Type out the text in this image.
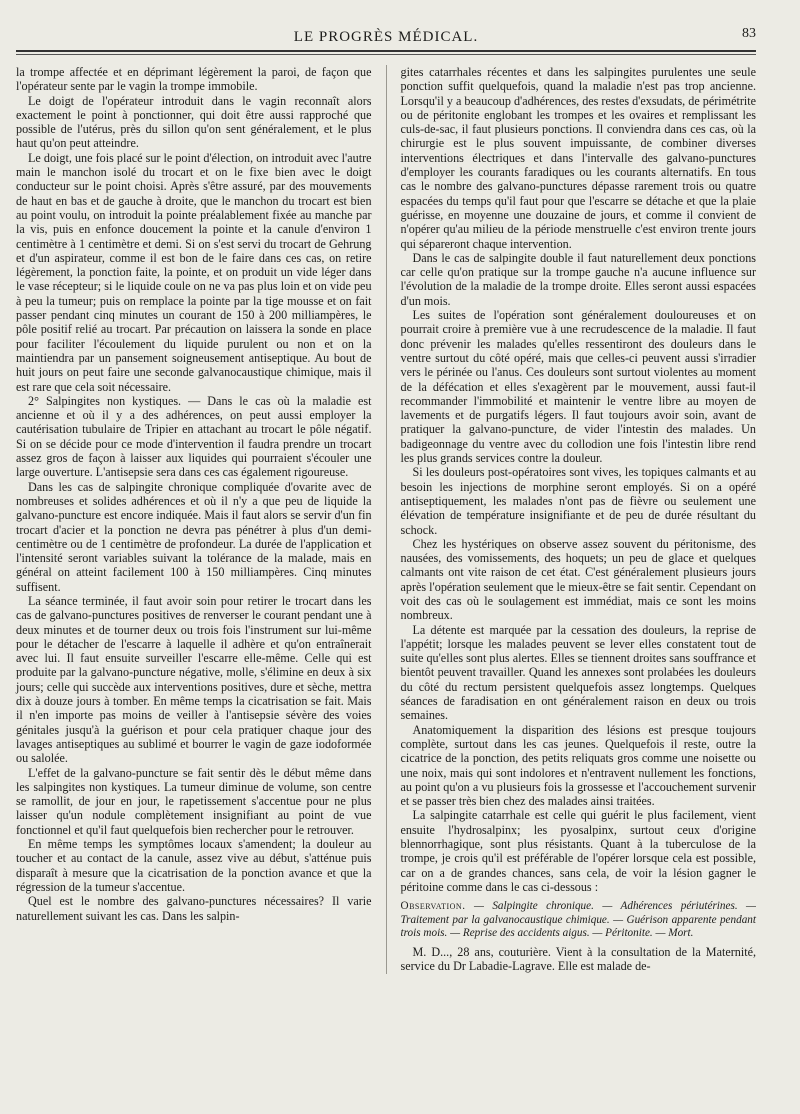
LE PROGRÈS MÉDICAL.	83

la trompe affectée et en déprimant légèrement la paroi, de façon que l'opérateur sente par le vagin la trompe immobile.

Le doigt de l'opérateur introduit dans le vagin reconnaît alors exactement le point à ponctionner, qui doit être aussi rapproché que possible de l'utérus, près du sillon qu'on sent généralement, et le plus haut qu'on peut atteindre.

Le doigt, une fois placé sur le point d'élection, on introduit avec l'autre main le manchon isolé du trocart et on le fixe bien avec le doigt conducteur sur le point choisi. Après s'être assuré, par des mouvements de haut en bas et de gauche à droite, que le manchon du trocart est bien au point voulu, on introduit la pointe préalablement fixée au manche par la vis, puis en enfonce doucement la pointe et la canule d'environ 1 centimètre à 1 centimètre et demi. Si on s'est servi du trocart de Gehrung et d'un aspirateur, comme il est bon de le faire dans ces cas, on retire légèrement, la ponction faite, la pointe, et on produit un vide léger dans le vase récepteur; si le liquide coule on ne va pas plus loin et on vide peu à peu la tumeur; puis on remplace la pointe par la tige mousse et on fait passer pendant cinq minutes un courant de 150 à 200 milliampères, le pôle positif relié au trocart. Par précaution on laissera la sonde en place pour faciliter l'écoulement du liquide purulent ou non et on la maintiendra par un pansement soigneusement antiseptique. Au bout de huit jours on peut faire une seconde galvanocaustique chimique, mais il est rare que cela soit nécessaire.

2° Salpingites non kystiques. — Dans le cas où la maladie est ancienne et où il y a des adhérences, on peut aussi employer la cautérisation tubulaire de Tripier en attachant au trocart le pôle négatif. Si on se décide pour ce mode d'intervention il faudra prendre un trocart assez gros de façon à laisser aux liquides qui pourraient s'écouler une large ouverture. L'antisepsie sera dans ces cas également rigoureuse.

Dans les cas de salpingite chronique compliquée d'ovarite avec de nombreuses et solides adhérences et où il n'y a que peu de liquide la galvano-puncture est encore indiquée. Mais il faut alors se servir d'un fin trocart d'acier et la ponction ne devra pas pénétrer à plus d'un demi-centimètre ou de 1 centimètre de profondeur. La durée de l'application et l'intensité seront variables suivant la tolérance de la malade, mais en général on atteint facilement 100 à 150 milliampères. Cinq minutes suffisent.

La séance terminée, il faut avoir soin pour retirer le trocart dans les cas de galvano-punctures positives de renverser le courant pendant une à deux minutes et de tourner deux ou trois fois l'instrument sur lui-même pour le détacher de l'escarre à laquelle il adhère et qu'on entraînerait avec lui. Il faut ensuite surveiller l'escarre elle-même. Celle qui est produite par la galvano-puncture négative, molle, s'élimine en deux à six jours; celle qui succède aux interventions positives, dure et sèche, mettra dix à douze jours à tomber. En même temps la cicatrisation se fait. Mais il n'en importe pas moins de veiller à l'antisepsie sévère des voies génitales jusqu'à la guérison et pour cela pratiquer chaque jour des lavages antiseptiques au sublimé et bourrer le vagin de gaze iodoformée ou salolée.

L'effet de la galvano-puncture se fait sentir dès le début même dans les salpingites non kystiques. La tumeur diminue de volume, son centre se ramollit, de jour en jour, le rapetissement s'accentue pour ne plus laisser qu'un nodule complètement insignifiant au point de vue fonctionnel et qu'il faut quelquefois bien rechercher pour le retrouver.

En même temps les symptômes locaux s'amendent; la douleur au toucher et au contact de la canule, assez vive au début, s'atténue puis disparaît à mesure que la cicatrisation de la ponction avance et que la régression de la tumeur s'accentue.

Quel est le nombre des galvano-punctures nécessaires? Il varie naturellement suivant les cas. Dans les salpin-

gites catarrhales récentes et dans les salpingites purulentes une seule ponction suffit quelquefois, quand la maladie n'est pas trop ancienne. Lorsqu'il y a beaucoup d'adhérences, des restes d'exsudats, de périmétrite ou de péritonite englobant les trompes et les ovaires et remplissant les culs-de-sac, il faut plusieurs ponctions. Il conviendra dans ces cas, où la chirurgie est le plus souvent impuissante, de combiner diverses interventions électriques et dans l'intervalle des galvano-punctures d'employer les courants faradiques ou les courants alternatifs. En tous cas le nombre des galvano-punctures dépasse rarement trois ou quatre espacées du temps qu'il faut pour que l'escarre se détache et que la plaie guérisse, en moyenne une douzaine de jours, et comme il convient de n'opérer qu'au milieu de la période menstruelle c'est environ trente jours qui sépareront chaque intervention.

Dans le cas de salpingite double il faut naturellement deux ponctions car celle qu'on pratique sur la trompe gauche n'a aucune influence sur l'évolution de la maladie de la trompe droite. Elles seront aussi espacées d'un mois.

Les suites de l'opération sont généralement douloureuses et on pourrait croire à première vue à une recrudescence de la maladie. Il faut donc prévenir les malades qu'elles ressentiront des douleurs dans le ventre surtout du côté opéré, mais que celles-ci peuvent aussi s'irradier vers le périnée ou l'anus. Ces douleurs sont surtout violentes au moment de la défécation et elles s'exagèrent par le mouvement, aussi faut-il recommander l'immobilité et maintenir le ventre libre au moyen de lavements et de purgatifs légers. Il faut toujours avoir soin, avant de pratiquer la galvano-puncture, de vider l'intestin des malades. Un badigeonnage du ventre avec du collodion une fois l'intestin libre rend les plus grands services contre la douleur.

Si les douleurs post-opératoires sont vives, les topiques calmants et au besoin les injections de morphine seront employés. Si on a opéré antiseptiquement, les malades n'ont pas de fièvre ou seulement une élévation de température insignifiante et de peu de durée résultant du schock.

Chez les hystériques on observe assez souvent du péritonisme, des nausées, des vomissements, des hoquets; un peu de glace et quelques calmants ont vite raison de cet état. C'est généralement plusieurs jours après l'opération seulement que le mieux-être se fait sentir. Cependant on voit des cas où le soulagement est immédiat, mais ce sont les moins nombreux.

La détente est marquée par la cessation des douleurs, la reprise de l'appétit; lorsque les malades peuvent se lever elles constatent tout de suite qu'elles sont plus alertes. Elles se tiennent droites sans souffrance et bientôt peuvent travailler. Quand les annexes sont prolabées les douleurs du côté du rectum persistent quelquefois assez longtemps. Quelques séances de faradisation en ont généralement raison en deux ou trois semaines.

Anatomiquement la disparition des lésions est presque toujours complète, surtout dans les cas jeunes. Quelquefois il reste, outre la cicatrice de la ponction, des petits reliquats gros comme une noisette ou une noix, mais qui sont indolores et n'entravent nullement les fonctions, au point qu'on a vu plusieurs fois la grossesse et l'accouchement survenir et se passer très bien chez des malades ainsi traitées.

La salpingite catarrhale est celle qui guérit le plus facilement, vient ensuite l'hydrosalpinx; les pyosalpinx, surtout ceux d'origine blennorrhagique, sont plus résistants. Quant à la tuberculose de la trompe, je crois qu'il est préférable de l'opérer lorsque cela est possible, car on a de grandes chances, sans cela, de voir la lésion gagner le péritoine comme dans le cas ci-dessous :

Observation. — Salpingite chronique. — Adhérences périutérines. — Traitement par la galvanocaustique chimique. — Guérison apparente pendant trois mois. — Reprise des accidents aigus. — Péritonite. — Mort.

M. D..., 28 ans, couturière. Vient à la consultation de la Maternité, service du Dr Labadie-Lagrave. Elle est malade de-
